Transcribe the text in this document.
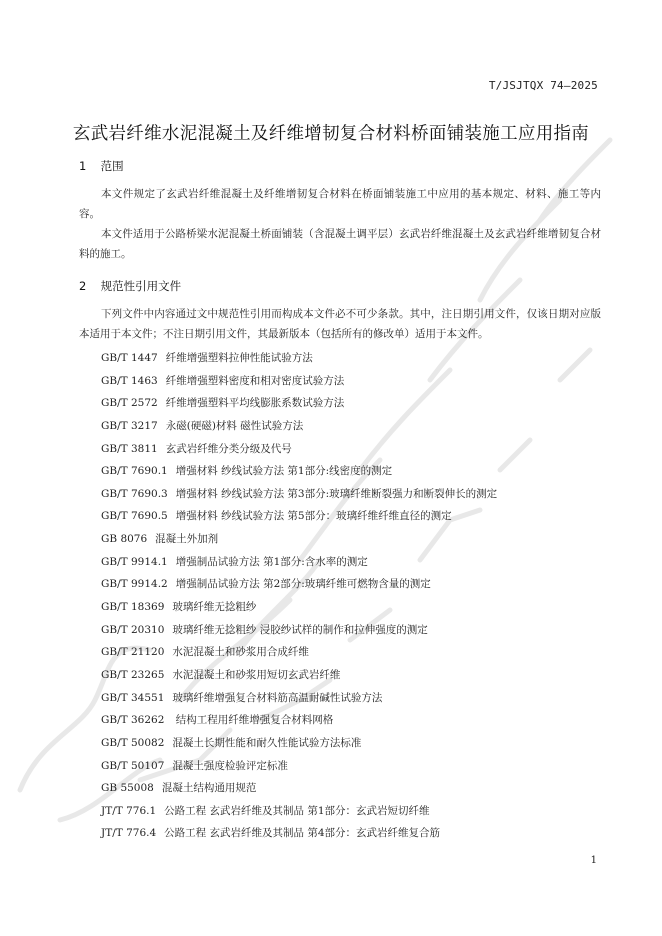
T/JSJTQX 74—2025
玄武岩纤维水泥混凝土及纤维增韧复合材料桥面铺装施工应用指南
1 范围

本文件规定了玄武岩纤维混凝土及纤维增韧复合材料在桥面铺装施工中应用的基本规定、材料、施工等内容。

本文件适用于公路桥梁水泥混凝土桥面铺装（含混凝土调平层）玄武岩纤维混凝土及玄武岩纤维增韧复合材料的施工。

2 规范性引用文件

下列文件中内容通过文中规范性引用而构成本文件必不可少条款。其中，注日期引用文件，仅该日期对应版本适用于本文件；不注日期引用文件，其最新版本（包括所有的修改单）适用于本文件。

GB/T 1447 纤维增强塑料拉伸性能试验方法
GB/T 1463 纤维增强塑料密度和相对密度试验方法
GB/T 2572 纤维增强塑料平均线膨胀系数试验方法
GB/T 3217 永磁(硬磁)材料 磁性试验方法
GB/T 3811 玄武岩纤维分类分级及代号
GB/T 7690.1 增强材料 纱线试验方法 第1部分:线密度的测定
GB/T 7690.3 增强材料 纱线试验方法 第3部分:玻璃纤维断裂强力和断裂伸长的测定
GB/T 7690.5 增强材料 纱线试验方法 第5部分：玻璃纤维纤维直径的测定
GB 8076 混凝土外加剂
GB/T 9914.1 增强制品试验方法 第1部分:含水率的测定
GB/T 9914.2 增强制品试验方法 第2部分:玻璃纤维可燃物含量的测定
GB/T 18369 玻璃纤维无捻粗纱
GB/T 20310 玻璃纤维无捻粗纱 浸胶纱试样的制作和拉伸强度的测定
GB/T 21120 水泥混凝土和砂浆用合成纤维
GB/T 23265 水泥混凝土和砂浆用短切玄武岩纤维
GB/T 34551 玻璃纤维增强复合材料筋高温耐碱性试验方法
GB/T 36262 结构工程用纤维增强复合材料网格
GB/T 50082 混凝土长期性能和耐久性能试验方法标准
GB/T 50107 混凝土强度检验评定标准
GB 55008 混凝土结构通用规范
JT/T 776.1 公路工程 玄武岩纤维及其制品 第1部分：玄武岩短切纤维
JT/T 776.4 公路工程 玄武岩纤维及其制品 第4部分：玄武岩纤维复合筋
1
